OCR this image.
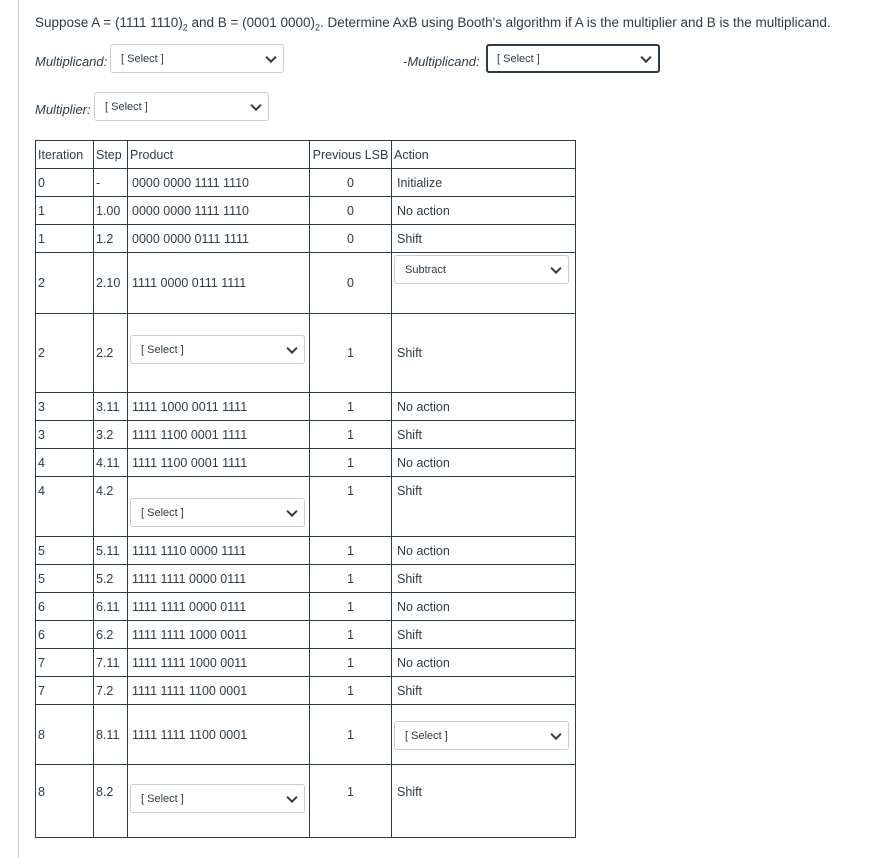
Suppose A = (1111 $1110)_2$ and B = (0001 $0000)_2$. Determine AxB using Booth's algorithm if A is the multiplier and B is the multiplicand.
Multiplicand: [ Select ]	-Multiplicand: [ Select ]
Multiplier: [ Select ]
Iteration	Step	Product	Previous LSB	Action
0	-	0000 0000 1111 1110	0	Initialize
1	1.00	0000 0000 1111 1110	0	No action
1	1.2	0000 0000 0111 1111	0	Shift
2	2.10	1111 0000 0111 1111	0	Subtract

2	2.2	[ Select ]	1	Shift
3	3.11	1111 1000 0011 1111	1	No action
3	3.2	1111 1100 0001 1111	1	Shift
4	4.11	1111 1100 0001 1111	1	No action
4	4.2	[ Select ]	1	Shift
5	5.11	1111 1110 0000 1111	1	No action
5	5.2	1111 1111 0000 0111	1	Shift
6	6.11	1111 1111 0000 0111	1	No action
6	6.2	1111 1111 1000 0011	1	Shift
7	7.11	1111 1111 1000 0011	1	No action
7	7.2	1111 1111 1100 0001	1	Shift
8	8.11	1111 1111 1100 0001	1	[ Select ]

8	8.2	[ Select ]	1	Shift
